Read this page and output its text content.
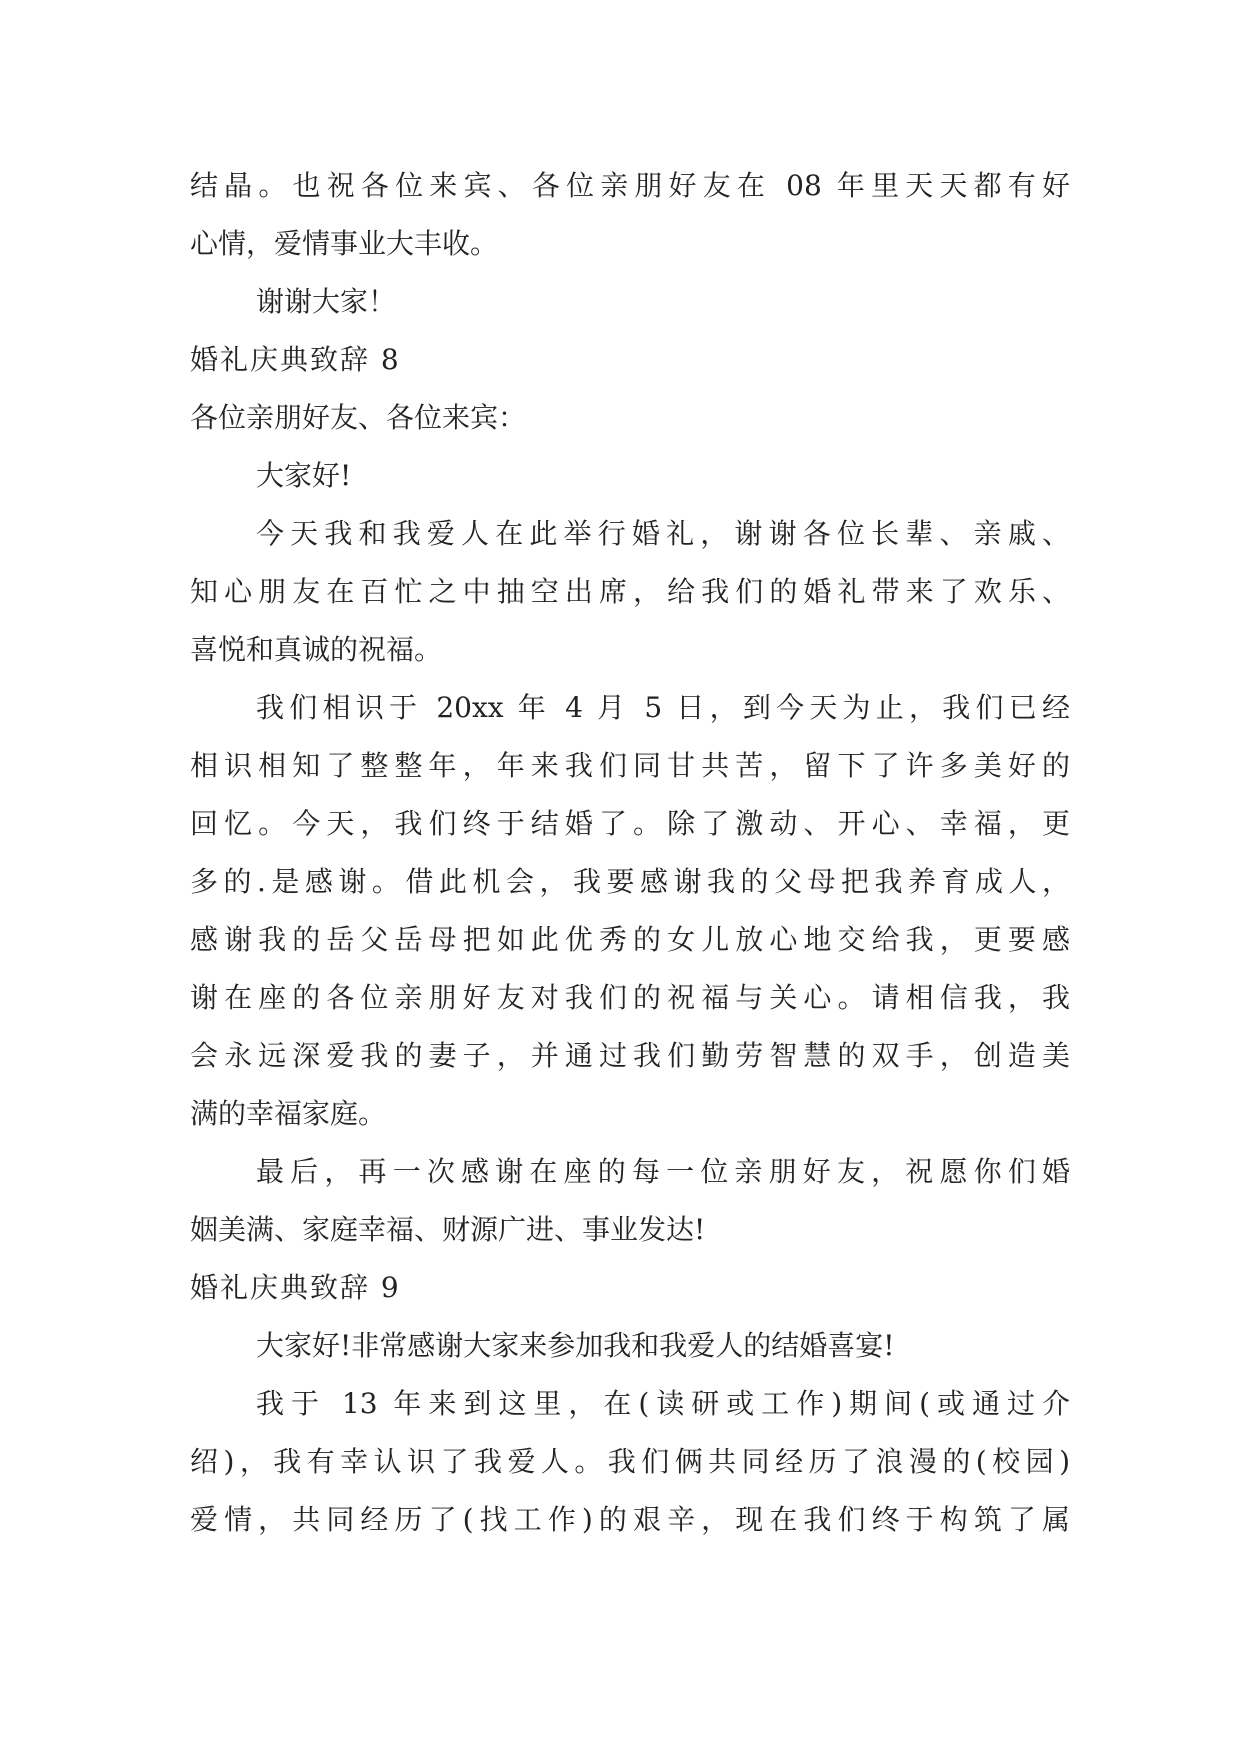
结晶。也祝各位来宾、各位亲朋好友在 08 年里天天都有好
心情，爱情事业大丰收。
谢谢大家！
婚礼庆典致辞 8
各位亲朋好友、各位来宾：
大家好!
今天我和我爱人在此举行婚礼，谢谢各位长辈、亲戚、
知心朋友在百忙之中抽空出席，给我们的婚礼带来了欢乐、
喜悦和真诚的祝福。
我们相识于 20xx 年 4 月 5 日，到今天为止，我们已经
相识相知了整整年，年来我们同甘共苦，留下了许多美好的
回忆。今天，我们终于结婚了。除了激动、开心、幸福，更
多的.是感谢。借此机会，我要感谢我的父母把我养育成人，
感谢我的岳父岳母把如此优秀的女儿放心地交给我，更要感
谢在座的各位亲朋好友对我们的祝福与关心。请相信我，我
会永远深爱我的妻子，并通过我们勤劳智慧的双手，创造美
满的幸福家庭。
最后，再一次感谢在座的每一位亲朋好友，祝愿你们婚
姻美满、家庭幸福、财源广进、事业发达!
婚礼庆典致辞 9
大家好!非常感谢大家来参加我和我爱人的结婚喜宴!
我于 13 年来到这里，在(读研或工作)期间(或通过介
绍)，我有幸认识了我爱人。我们俩共同经历了浪漫的(校园)
爱情，共同经历了(找工作)的艰辛，现在我们终于构筑了属
